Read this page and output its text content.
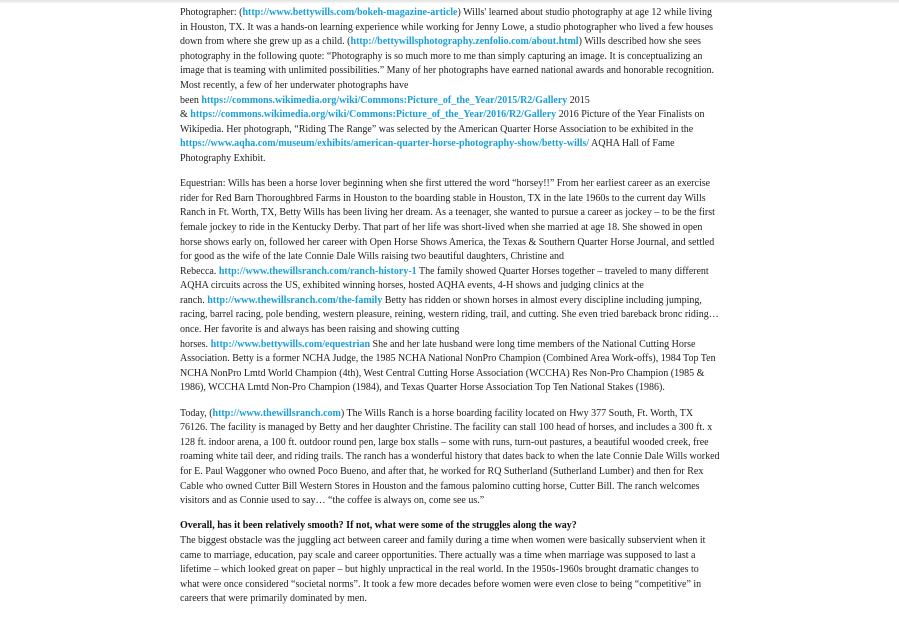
Photographer: (http://www.bettywills.com/bokeh-magazine-article) Wills' learned about studio photography at age 12 while living in Houston, TX. It was a hands-on learning experience while working for Jenny Lowe, a studio photographer who lived a few houses down from where she grew up as a child. (http://bettywillsphotography.zenfolio.com/about.html) Wills described how she sees photography in the following quote: “Photography is so much more to me than simply capturing an image. It is conceptualizing an image that is teaming with unlimited possibilities.” Many of her photographs have earned national awards and honorable recognition. Most recently, a few of her underwater photographs have
been https://commons.wikimedia.org/wiki/Commons:Picture_of_the_Year/2015/R2/Gallery 2015
& https://commons.wikimedia.org/wiki/Commons:Picture_of_the_Year/2016/R2/Gallery 2016 Picture of the Year Finalists on Wikipedia. Her photograph, “Riding The Range” was selected by the American Quarter Horse Association to be exhibited in the https://www.aqha.com/museum/exhibits/american-quarter-horse-photography-show/betty-wills/ AQHA Hall of Fame Photography Exhibit.

Equestrian: Wills has been a horse lover beginning when she first uttered the word “horsey!!” From her earliest career as an exercise rider for Red Barn Thoroughbred Farms in Houston to the boarding stable in Houston, TX in the late 1960s to the current day Wills Ranch in Ft. Worth, TX, Betty Wills has been living her dream. As a teenager, she wanted to pursue a career as jockey – to be the first female jockey to ride in the Kentucky Derby. That part of her life was short-lived when she married at age 18. She showed in open horse shows early on, followed her career with Open Horse Shows America, the Texas & Southern Quarter Horse Journal, and settled for good as the wife of the late Connie Dale Wills raising two beautiful daughters, Christine and
Rebecca. http://www.thewillsranch.com/ranch-history-1 The family showed Quarter Horses together – traveled to many different AQHA circuits across the US, exhibited winning horses, hosted AQHA events, 4-H shows and judging clinics at the
ranch. http://www.thewillsranch.com/the-family Betty has ridden or shown horses in almost every discipline including jumping, racing, barrel racing, pole bending, western pleasure, reining, western riding, trail, and cutting. She even tried bareback bronc riding…once. Her favorite is and always has been raising and showing cutting
horses. http://www.bettywills.com/equestrian She and her late husband were long time members of the National Cutting Horse Association. Betty is a former NCHA Judge, the 1985 NCHA National NonPro Champion (Combined Area Work-offs), 1984 Top Ten NCHA NonPro Lmtd World Champion (4th), West Central Cutting Horse Association (WCCHA) Res Non-Pro Champion (1985 & 1986), WCCHA Lmtd Non-Pro Champion (1984), and Texas Quarter Horse Association Top Ten National Stakes (1986).

Today, (http://www.thewillsranch.com) The Wills Ranch is a horse boarding facility located on Hwy 377 South, Ft. Worth, TX 76126. The facility is managed by Betty and her daughter Christine. The facility can stall 100 head of horses, and includes a 300 ft. x 128 ft. indoor arena, a 100 ft. outdoor round pen, large box stalls – some with runs, turn-out pastures, a beautiful wooded creek, free roaming white tail deer, and riding trails. The ranch has a wonderful history that dates back to when the late Connie Dale Wills worked for E. Paul Waggoner who owned Poco Bueno, and after that, he worked for RQ Sutherland (Sutherland Lumber) and then for Rex Cable who owned Cutter Bill Western Stores in Houston and the famous palomino cutting horse, Cutter Bill. The ranch welcomes visitors and as Connie used to say… “the coffee is always on, come see us.”

Overall, has it been relatively smooth? If not, what were some of the struggles along the way?
The biggest obstacle was the juggling act between career and family during a time when women were basically subservient when it came to marriage, education, pay scale and career opportunities. There actually was a time when marriage was supposed to last a lifetime – which looked great on paper – but highly unpractical in the real world. In the 1950s-1960s brought dramatic changes to what were once considered “societal norms”. It took a few more decades before women were even close to being “competitive” in careers that were primarily dominated by men.
